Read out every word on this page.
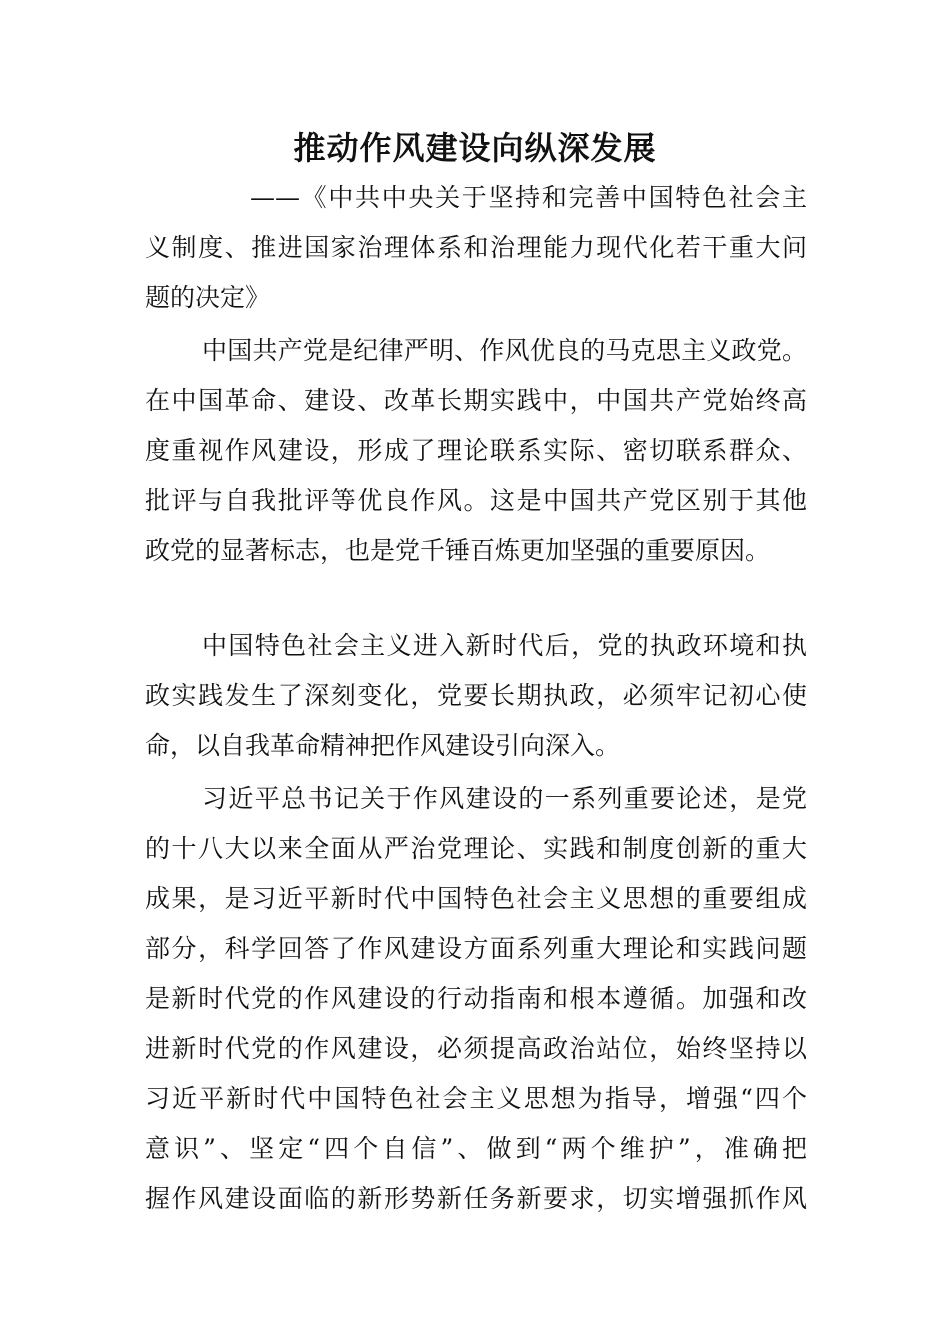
推动作风建设向纵深发展
——《中共中央关于坚持和完善中国特色社会主
义制度、推进国家治理体系和治理能力现代化若干重大问
题的决定》
中国共产党是纪律严明、作风优良的马克思主义政党。
在中国革命、建设、改革长期实践中，中国共产党始终高
度重视作风建设，形成了理论联系实际、密切联系群众、
批评与自我批评等优良作风。这是中国共产党区别于其他
政党的显著标志，也是党千锤百炼更加坚强的重要原因。
中国特色社会主义进入新时代后，党的执政环境和执
政实践发生了深刻变化，党要长期执政，必须牢记初心使
命，以自我革命精神把作风建设引向深入。
习近平总书记关于作风建设的一系列重要论述，是党
的十八大以来全面从严治党理论、实践和制度创新的重大
成果，是习近平新时代中国特色社会主义思想的重要组成
部分，科学回答了作风建设方面系列重大理论和实践问题
是新时代党的作风建设的行动指南和根本遵循。加强和改
进新时代党的作风建设，必须提高政治站位，始终坚持以
习近平新时代中国特色社会主义思想为指导，增强“四个
意识”、坚定“四个自信”、做到“两个维护”，准确把
握作风建设面临的新形势新任务新要求，切实增强抓作风
